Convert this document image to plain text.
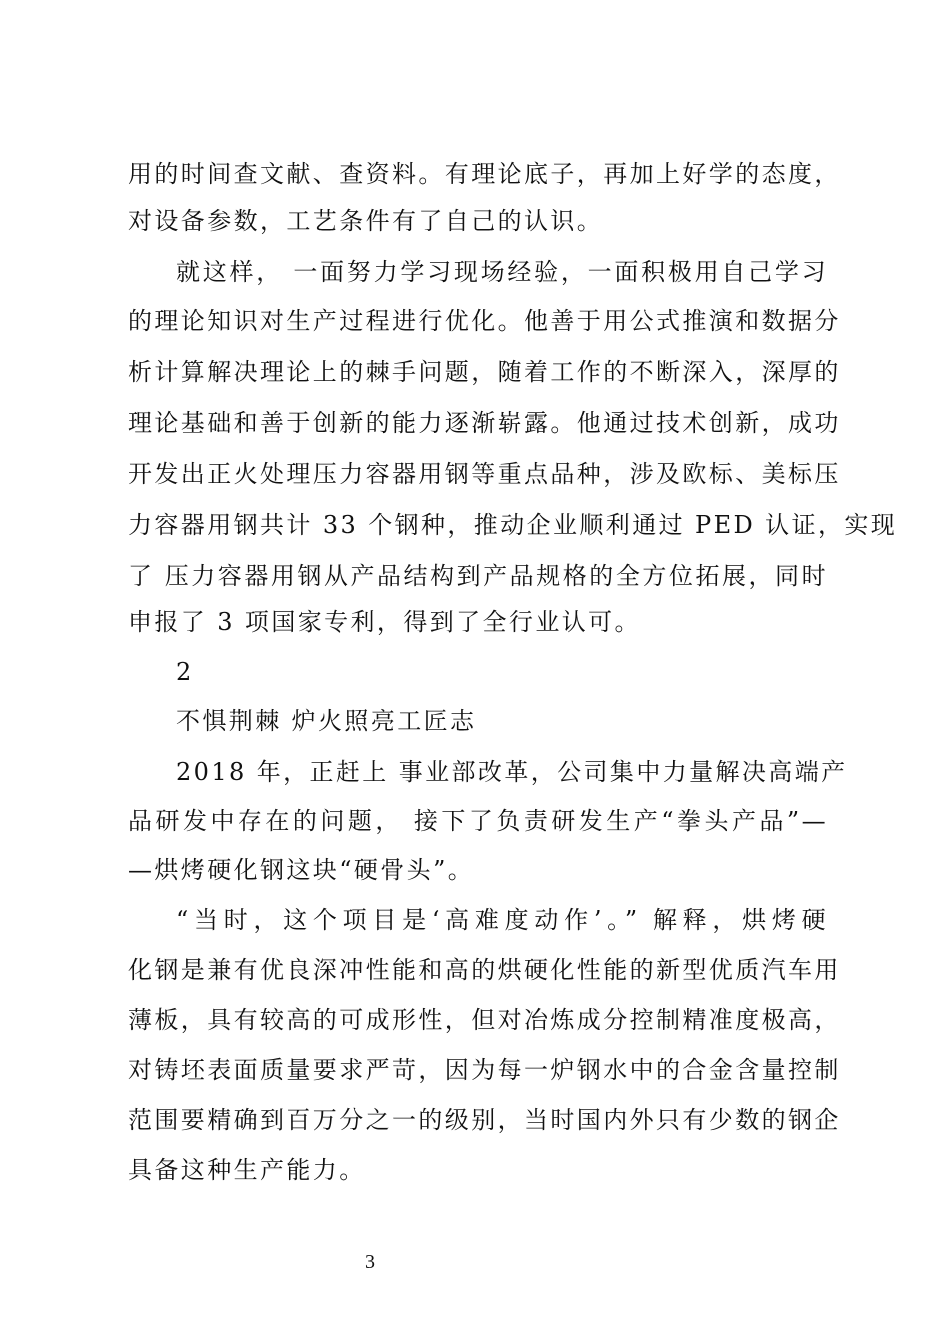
用的时间查文献、查资料。有理论底子，再加上好学的态度，
对设备参数，工艺条件有了自己的认识。
就这样， 一面努力学习现场经验，一面积极用自己学习
的理论知识对生产过程进行优化。他善于用公式推演和数据分
析计算解决理论上的棘手问题，随着工作的不断深入，深厚的
理论基础和善于创新的能力逐渐崭露。他通过技术创新，成功
开发出正火处理压力容器用钢等重点品种，涉及欧标、美标压
力容器用钢共计 33 个钢种，推动企业顺利通过 PED 认证，实现
了 压力容器用钢从产品结构到产品规格的全方位拓展，同时
申报了 3 项国家专利，得到了全行业认可。
2
不惧荆棘 炉火照亮工匠志
2018 年，正赶上 事业部改革，公司集中力量解决高端产
品研发中存在的问题， 接下了负责研发生产“拳头产品”—
—烘烤硬化钢这块“硬骨头”。
“当时，这个项目是‘高难度动作’。” 解释，烘烤硬
化钢是兼有优良深冲性能和高的烘硬化性能的新型优质汽车用
薄板，具有较高的可成形性，但对冶炼成分控制精准度极高，
对铸坯表面质量要求严苛，因为每一炉钢水中的合金含量控制
范围要精确到百万分之一的级别，当时国内外只有少数的钢企
具备这种生产能力。
3
